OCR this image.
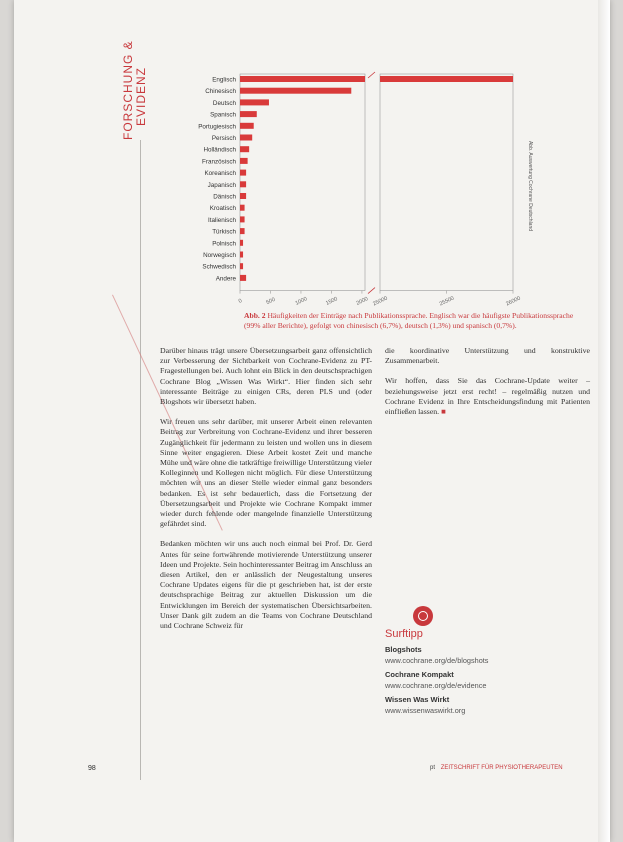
FORSCHUNG & EVIDENZ	Englisch
Chinesisch
Deutsch
Spanisch
Portugiesisch
Persisch
Holländisch
Französisch
Koreanisch
Japanisch
Dänisch
Kroatisch
Italienisch
Türkisch
Polnisch
Norwegisch
Schwedisch
Andere
0	500	1000	1500	2000 25000	25500	26000
Abb. Auswertung Cochrane Deutschland
Abb. 2 Häufigkeiten der Einträge nach Publikationssprache. Englisch war die häufigste Publikationssprache (99% aller Berichte), gefolgt von chinesisch (6,7%), deutsch (1,3%) und spanisch (0,7%).

Darüber hinaus trägt unsere Übersetzungsarbeit ganz offensichtlich zur Verbesserung der Sichtbarkeit von Cochrane-Evidenz zu PT-Fragestellungen bei. Auch lohnt ein Blick in den deutschsprachigen Cochrane Blog „Wissen Was Wirkt“. Hier finden sich sehr interessante Beiträge zu einigen CRs, deren PLS und (oder Blogshots wir übersetzt haben.

Wir freuen uns sehr darüber, mit unserer Arbeit einen relevanten Beitrag zur Verbreitung von Cochrane-Evidenz und ihrer besseren Zugänglichkeit für jedermann zu leisten und wollen uns in diesem Sinne weiter engagieren. Diese Arbeit kostet Zeit und manche Mühe und wäre ohne die tatkräftige freiwillige Unterstützung vieler Kolleginnen und Kollegen nicht möglich. Für diese Unterstützung möchten wir uns an dieser Stelle wieder einmal ganz besonders bedanken. Es ist sehr bedauerlich, dass die Fortsetzung der Übersetzungsarbeit und Projekte wie Cochrane Kompakt immer wieder durch fehlende oder mangelnde finanzielle Unterstützung gefährdet sind.

Bedanken möchten wir uns auch noch einmal bei Prof. Dr. Gerd Antes für seine fortwährende motivierende Unterstützung unserer Ideen und Projekte. Sein hochinteressanter Beitrag im Anschluss an diesen Artikel, den er anlässlich der Neugestaltung unseres Cochrane Updates eigens für die pt geschrieben hat, ist der erste deutschsprachige Beitrag zur aktuellen Diskussion um die Entwicklungen im Bereich der systematischen Übersichtsarbeiten. Unser Dank gilt zudem an die Teams von Cochrane Deutschland und Cochrane Schweiz für

die koordinative Unterstützung und konstruktive Zusammenarbeit.

Wir hoffen, dass Sie das Cochrane-Update weiter – beziehungsweise jetzt erst recht! – regelmäßig nutzen und Cochrane Evidenz in Ihre Entscheidungsfindung mit Patienten einfließen lassen. ■

Surftipp
Blogshots
www.cochrane.org/de/blogshots
Cochrane Kompakt
www.cochrane.org/de/evidence
Wissen Was Wirkt
www.wissenwaswirkt.org
98	pt ZEITSCHRIFT FÜR PHYSIOTHERAPEUTEN
